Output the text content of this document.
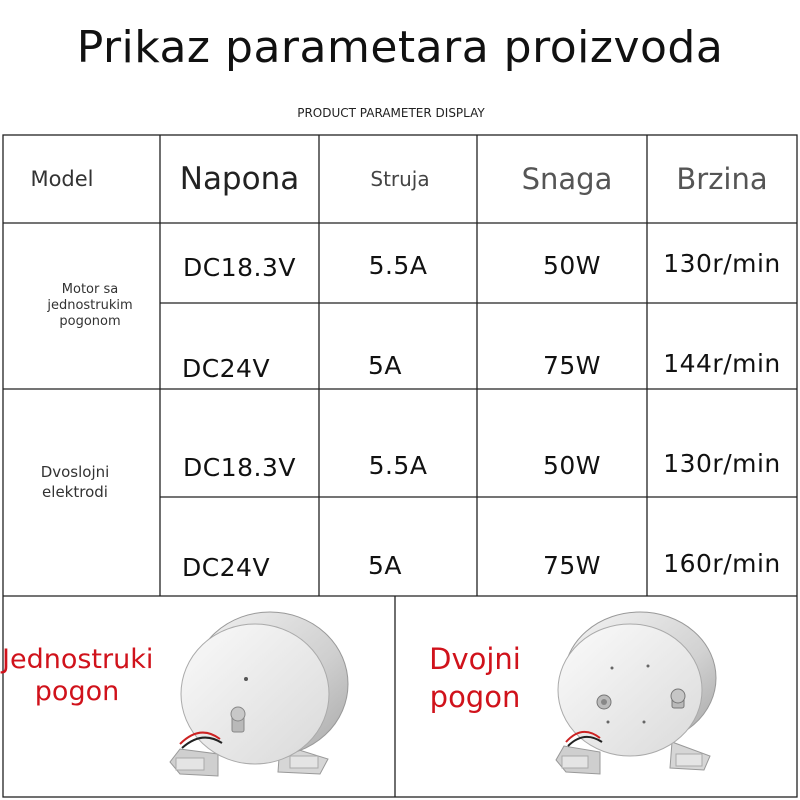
Prikaz parametara proizvoda
PRODUCT PARAMETER DISPLAY
Model	Napona	Struja	Snaga	Brzina
Motor sa jednostrukim pogonom
DC18.3V	5.5A	50W	130r/min
DC24V	5A	75W	144r/min
Dvoslojni elektrodi
DC18.3V	5.5A	50W	130r/min
DC24V	5A	75W	160r/min
Jednostruki
pogon
Dvojni
pogon
